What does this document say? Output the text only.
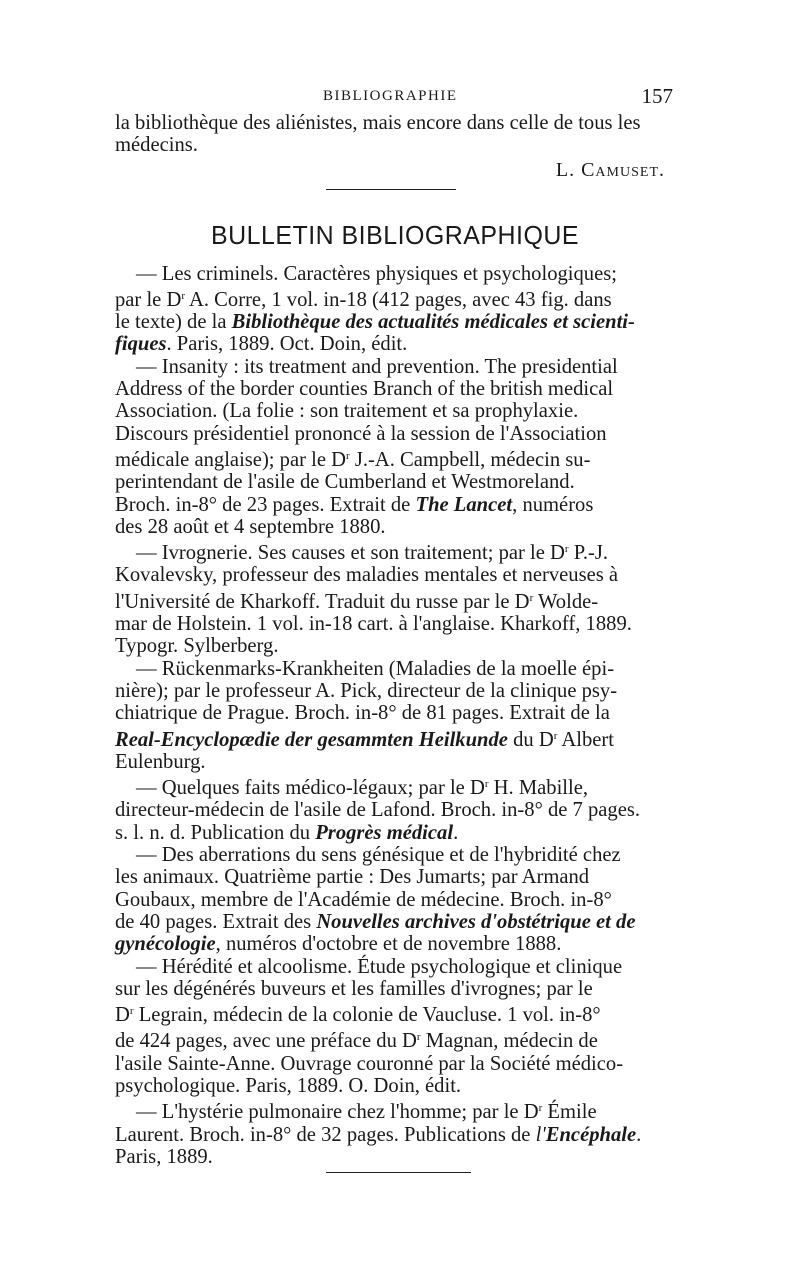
BIBLIOGRAPHIE	157
la bibliothèque des aliénistes, mais encore dans celle de tous les
médecins.
L. Camuset.
BULLETIN BIBLIOGRAPHIQUE
— Les criminels. Caractères physiques et psychologiques;
par le $D^r$ A. Corre, 1 vol. in-18 (412 pages, avec 43 fig. dans
le texte) de la Bibliothèque des actualités médicales et scienti-
fiques. Paris, 1889. Oct. Doin, édit.
— Insanity : its treatment and prevention. The presidential
Address of the border counties Branch of the british medical
Association. (La folie : son traitement et sa prophylaxie.
Discours présidentiel prononcé à la session de l'Association
médicale anglaise); par le $D^r$ J.-A. Campbell, médecin su-
perintendant de l'asile de Cumberland et Westmoreland.
Broch. in-8° de 23 pages. Extrait de The Lancet, numéros
des 28 août et 4 septembre 1880.
— Ivrognerie. Ses causes et son traitement; par le $D^r$ P.-J.
Kovalevsky, professeur des maladies mentales et nerveuses à
l'Université de Kharkoff. Traduit du russe par le $D^r$ Wolde-
mar de Holstein. 1 vol. in-18 cart. à l'anglaise. Kharkoff, 1889.
Typogr. Sylberberg.
— Rückenmarks-Krankheiten (Maladies de la moelle épi-
nière); par le professeur A. Pick, directeur de la clinique psy-
chiatrique de Prague. Broch. in-8° de 81 pages. Extrait de la
Real-Encyclopædie der gesammten Heilkunde du $D^r$ Albert
Eulenburg.
— Quelques faits médico-légaux; par le $D^r$ H. Mabille,
directeur-médecin de l'asile de Lafond. Broch. in-8° de 7 pages.
s. l. n. d. Publication du Progrès médical.
— Des aberrations du sens génésique et de l'hybridité chez
les animaux. Quatrième partie : Des Jumarts; par Armand
Goubaux, membre de l'Académie de médecine. Broch. in-8°
de 40 pages. Extrait des Nouvelles archives d'obstétrique et de
gynécologie, numéros d'octobre et de novembre 1888.
— Hérédité et alcoolisme. Étude psychologique et clinique
sur les dégénérés buveurs et les familles d'ivrognes; par le
$D^r$ Legrain, médecin de la colonie de Vaucluse. 1 vol. in-8°
de 424 pages, avec une préface du $D^r$ Magnan, médecin de
l'asile Sainte-Anne. Ouvrage couronné par la Société médico-
psychologique. Paris, 1889. O. Doin, édit.
— L'hystérie pulmonaire chez l'homme; par le $D^r$ Émile
Laurent. Broch. in-8° de 32 pages. Publications de l'Encéphale.
Paris, 1889.
